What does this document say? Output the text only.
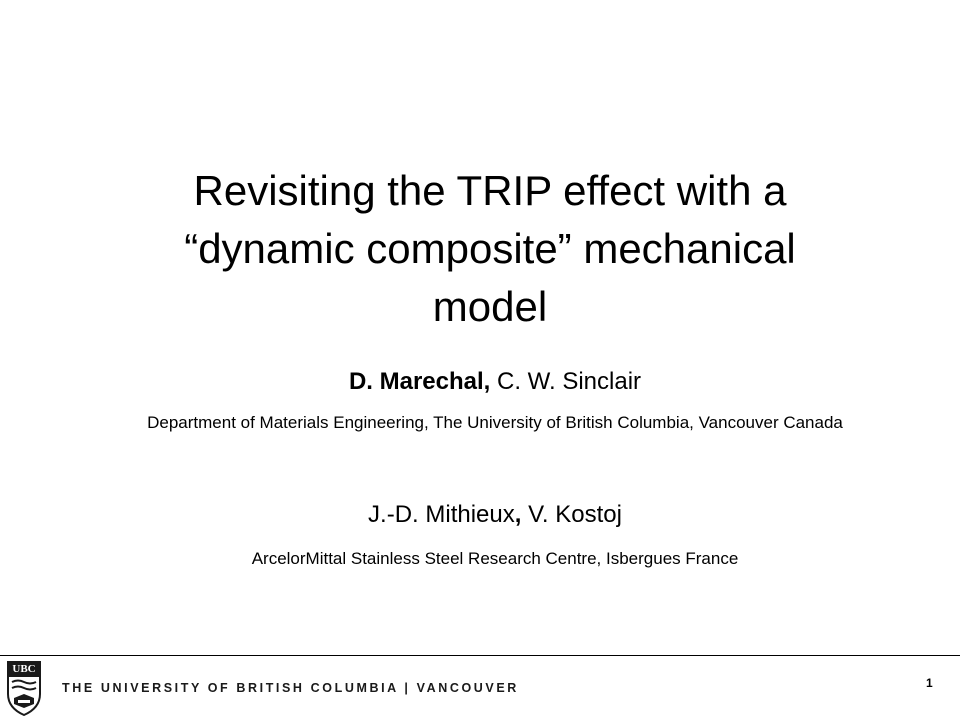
Revisiting the TRIP effect with a
“dynamic composite” mechanical
model
D. Marechal, C. W. Sinclair
Department of Materials Engineering, The University of British Columbia, Vancouver Canada
J.-D. Mithieux, V. Kostoj
ArcelorMittal Stainless Steel Research Centre, Isbergues France
UBC
THE UNIVERSITY OF BRITISH COLUMBIA | VANCOUVER	1
